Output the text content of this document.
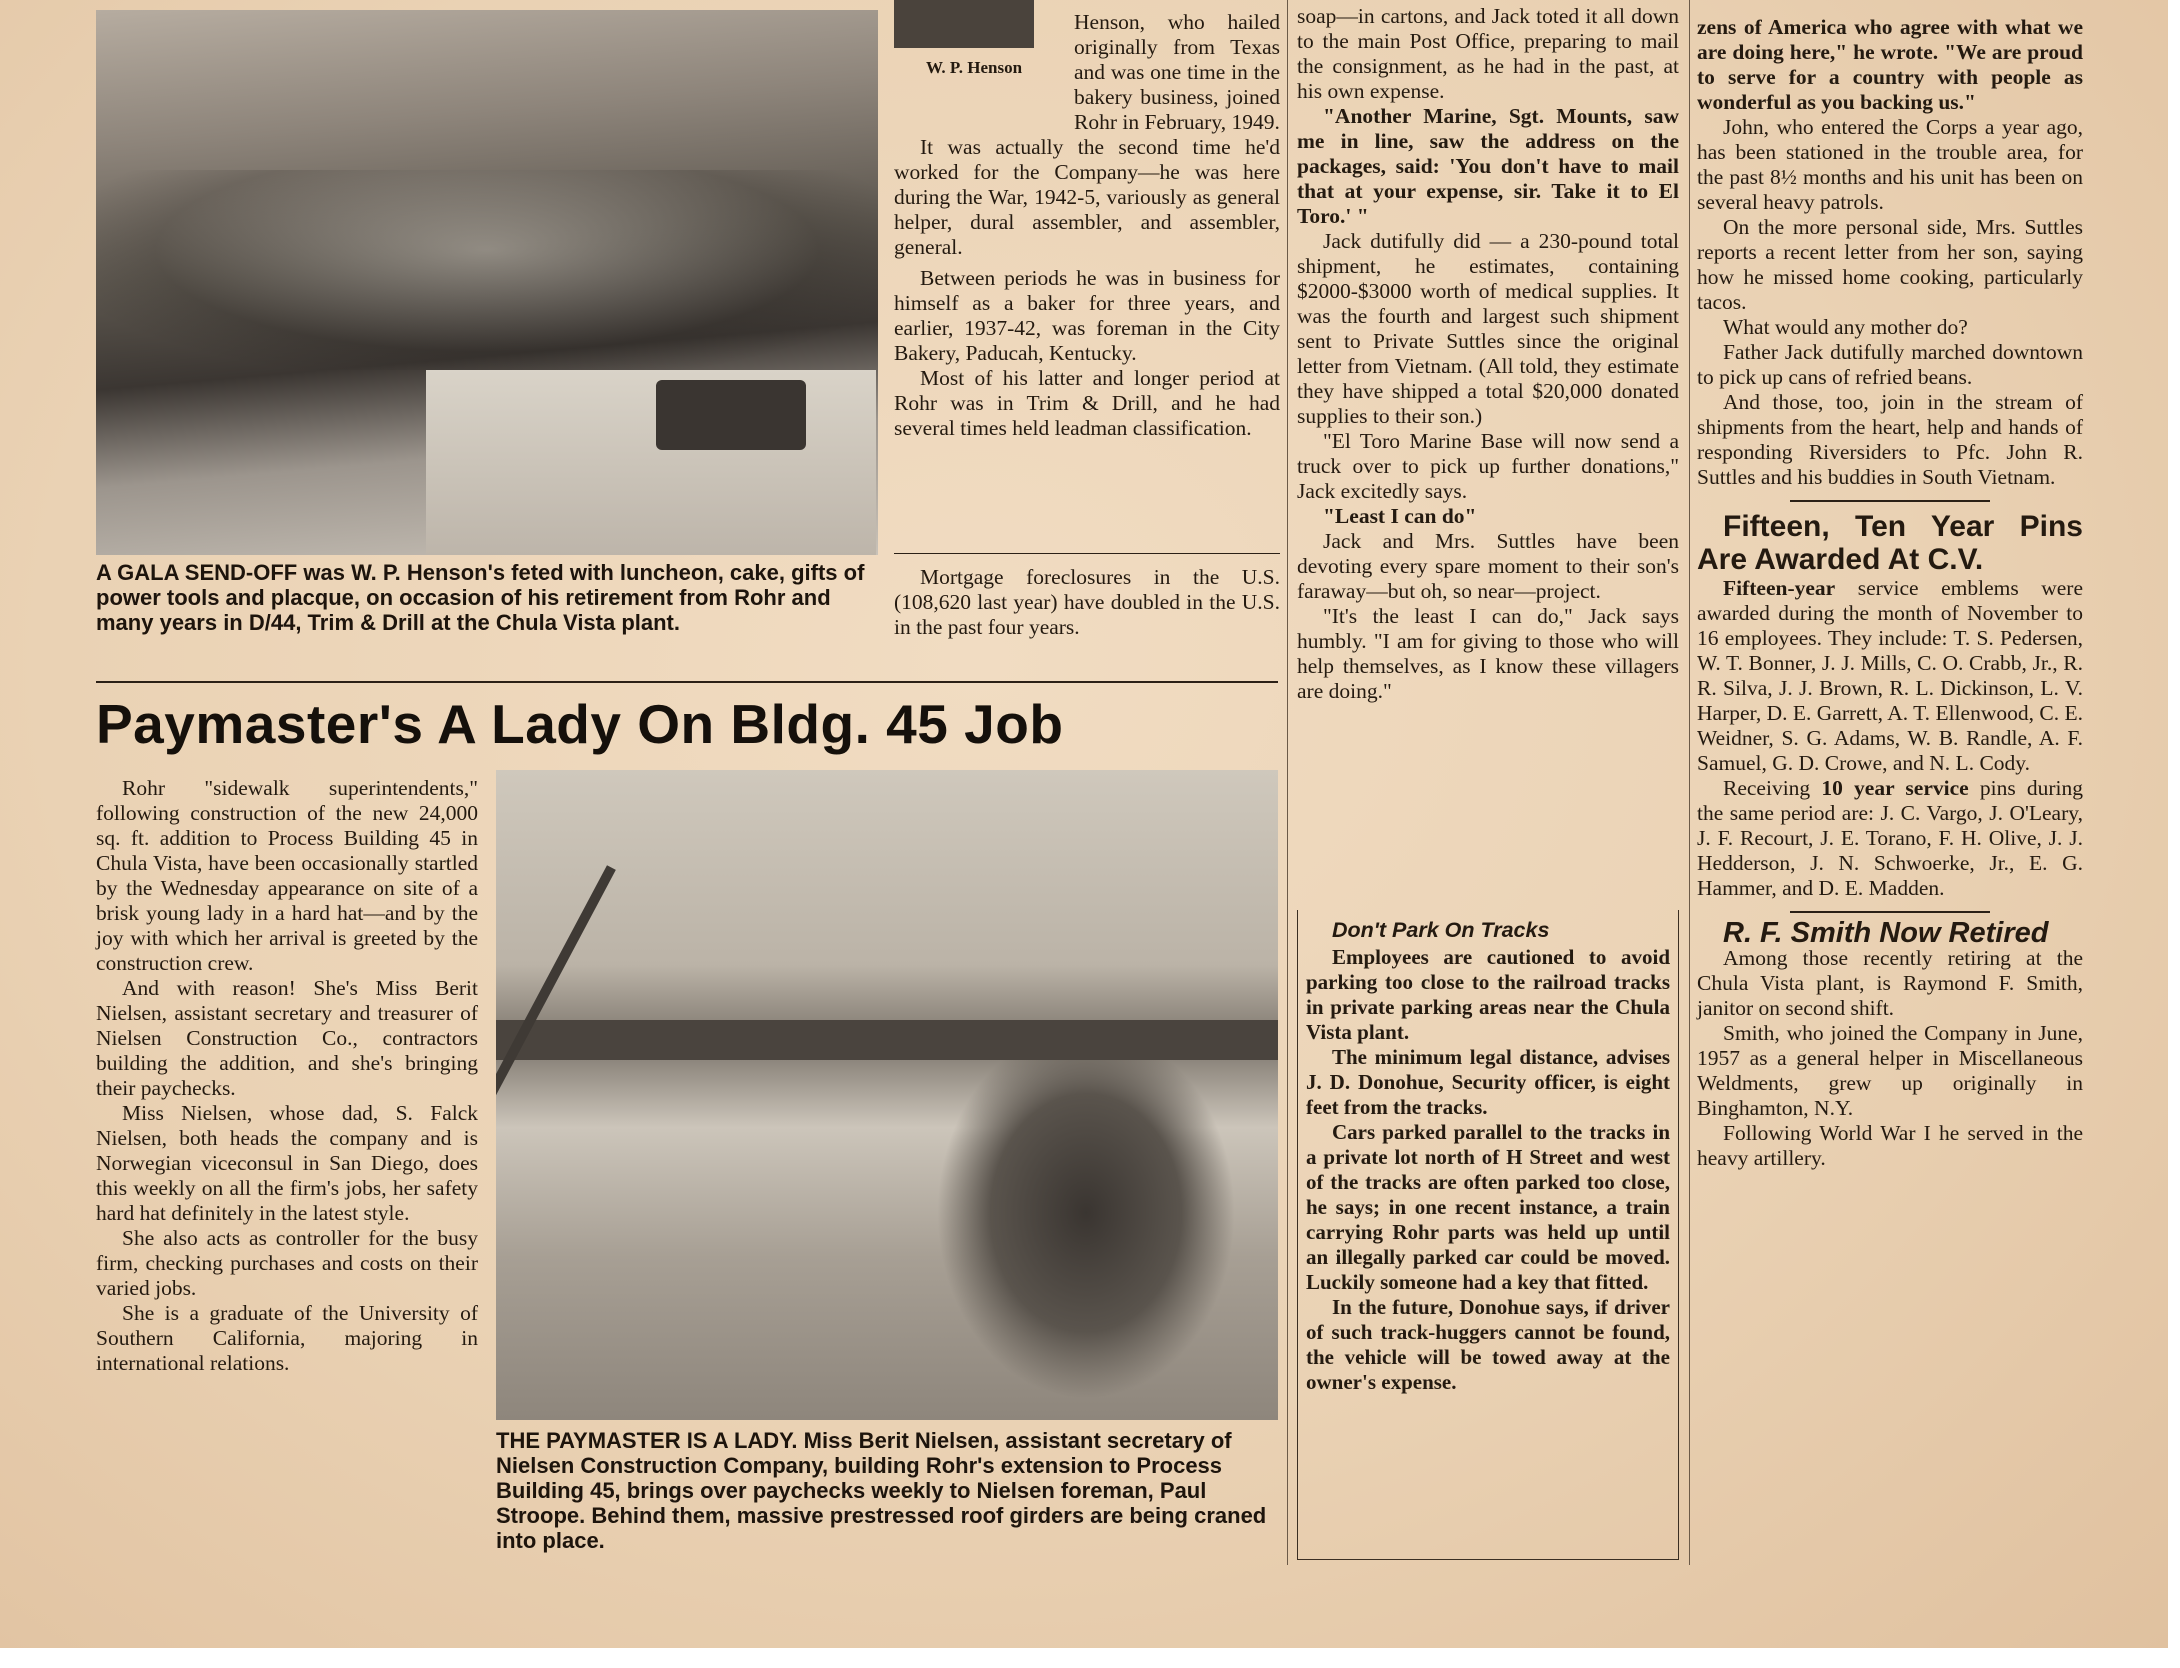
A GALA SEND-OFF was W. P. Henson's feted with luncheon, cake, gifts of power tools and placque, on occasion of his retirement from Rohr and many years in D/44, Trim & Drill at the Chula Vista plant.

W. P. Henson

Henson, who hailed originally from Texas and was one time in the bakery business, joined Rohr in February, 1949.

It was actually the second time he'd worked for the Company—he was here during the War, 1942-5, variously as general helper, dural assembler, and assembler, general.

Between periods he was in business for himself as a baker for three years, and earlier, 1937-42, was foreman in the City Bakery, Paducah, Kentucky.

Most of his latter and longer period at Rohr was in Trim & Drill, and he had several times held leadman classification.

Mortgage foreclosures in the U.S. (108,620 last year) have doubled in the U.S. in the past four years.

Paymaster's A Lady On Bldg. 45 Job

Rohr "sidewalk superintendents," following construction of the new 24,000 sq. ft. addition to Process Building 45 in Chula Vista, have been occasionally startled by the Wednesday appearance on site of a brisk young lady in a hard hat—and by the joy with which her arrival is greeted by the construction crew.

And with reason! She's Miss Berit Nielsen, assistant secretary and treasurer of Nielsen Construction Co., contractors building the addition, and she's bringing their paychecks.

Miss Nielsen, whose dad, S. Falck Nielsen, both heads the company and is Norwegian viceconsul in San Diego, does this weekly on all the firm's jobs, her safety hard hat definitely in the latest style.

She also acts as controller for the busy firm, checking purchases and costs on their varied jobs.

She is a graduate of the University of Southern California, majoring in international relations.

THE PAYMASTER IS A LADY. Miss Berit Nielsen, assistant secretary of Nielsen Construction Company, building Rohr's extension to Process Building 45, brings over paychecks weekly to Nielsen foreman, Paul Stroope. Behind them, massive prestressed roof girders are being craned into place.

soap—in cartons, and Jack toted it all down to the main Post Office, preparing to mail the consignment, as he had in the past, at his own expense.

"Another Marine, Sgt. Mounts, saw me in line, saw the address on the packages, said: 'You don't have to mail that at your expense, sir. Take it to El Toro.' "

Jack dutifully did — a 230-pound total shipment, he estimates, containing $2000-$3000 worth of medical supplies. It was the fourth and largest such shipment sent to Private Suttles since the original letter from Vietnam. (All told, they estimate they have shipped a total $20,000 donated supplies to their son.)

"El Toro Marine Base will now send a truck over to pick up further donations," Jack excitedly says.

"Least I can do"

Jack and Mrs. Suttles have been devoting every spare moment to their son's faraway—but oh, so near—project.

"It's the least I can do," Jack says humbly. "I am for giving to those who will help themselves, as I know these villagers are doing."

Don't Park On Tracks

Employees are cautioned to avoid parking too close to the railroad tracks in private parking areas near the Chula Vista plant.

The minimum legal distance, advises J. D. Donohue, Security officer, is eight feet from the tracks.

Cars parked parallel to the tracks in a private lot north of H Street and west of the tracks are often parked too close, he says; in one recent instance, a train carrying Rohr parts was held up until an illegally parked car could be moved. Luckily someone had a key that fitted.

In the future, Donohue says, if driver of such track-huggers cannot be found, the vehicle will be towed away at the owner's expense.

zens of America who agree with what we are doing here," he wrote. "We are proud to serve for a country with people as wonderful as you backing us."

John, who entered the Corps a year ago, has been stationed in the trouble area, for the past 8½ months and his unit has been on several heavy patrols.

On the more personal side, Mrs. Suttles reports a recent letter from her son, saying how he missed home cooking, particularly tacos.

What would any mother do?

Father Jack dutifully marched downtown to pick up cans of refried beans.

And those, too, join in the stream of shipments from the heart, help and hands of responding Riversiders to Pfc. John R. Suttles and his buddies in South Vietnam.

Fifteen, Ten Year Pins Are Awarded At C.V.

Fifteen-year service emblems were awarded during the month of November to 16 employees. They include: T. S. Pedersen, W. T. Bonner, J. J. Mills, C. O. Crabb, Jr., R. R. Silva, J. J. Brown, R. L. Dickinson, L. V. Harper, D. E. Garrett, A. T. Ellenwood, C. E. Weidner, S. G. Adams, W. B. Randle, A. F. Samuel, G. D. Crowe, and N. L. Cody.

Receiving 10 year service pins during the same period are: J. C. Vargo, J. O'Leary, J. F. Recourt, J. E. Torano, F. H. Olive, J. J. Hedderson, J. N. Schwoerke, Jr., E. G. Hammer, and D. E. Madden.

R. F. Smith Now Retired

Among those recently retiring at the Chula Vista plant, is Raymond F. Smith, janitor on second shift.

Smith, who joined the Company in June, 1957 as a general helper in Miscellaneous Weldments, grew up originally in Binghamton, N.Y.

Following World War I he served in the heavy artillery.
